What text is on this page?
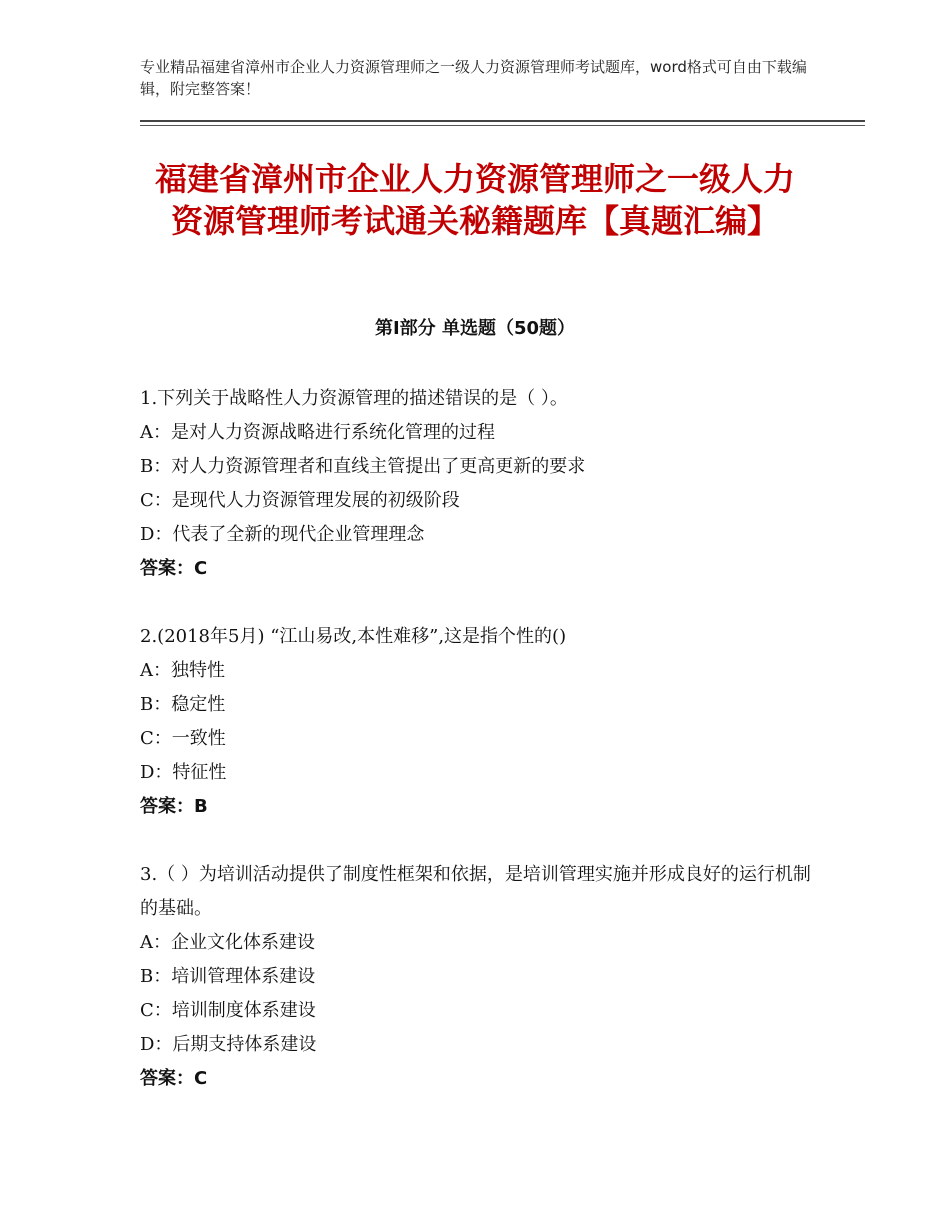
专业精品福建省漳州市企业人力资源管理师之一级人力资源管理师考试题库，word格式可自由下载编辑，附完整答案！
福建省漳州市企业人力资源管理师之一级人力资源管理师考试通关秘籍题库【真题汇编】
第Ⅰ部分 单选题（50题）

1.下列关于战略性人力资源管理的描述错误的是（ ）。

A：是对人力资源战略进行系统化管理的过程

B：对人力资源管理者和直线主管提出了更高更新的要求

C：是现代人力资源管理发展的初级阶段

D：代表了全新的现代企业管理理念

答案：C

2.(2018年5月) “江山易改,本性难移”,这是指个性的()

A：独特性

B：稳定性

C：一致性

D：特征性

答案：B

3.（ ）为培训活动提供了制度性框架和依据，是培训管理实施并形成良好的运行机制的基础。

A：企业文化体系建设

B：培训管理体系建设

C：培训制度体系建设

D：后期支持体系建设

答案：C
